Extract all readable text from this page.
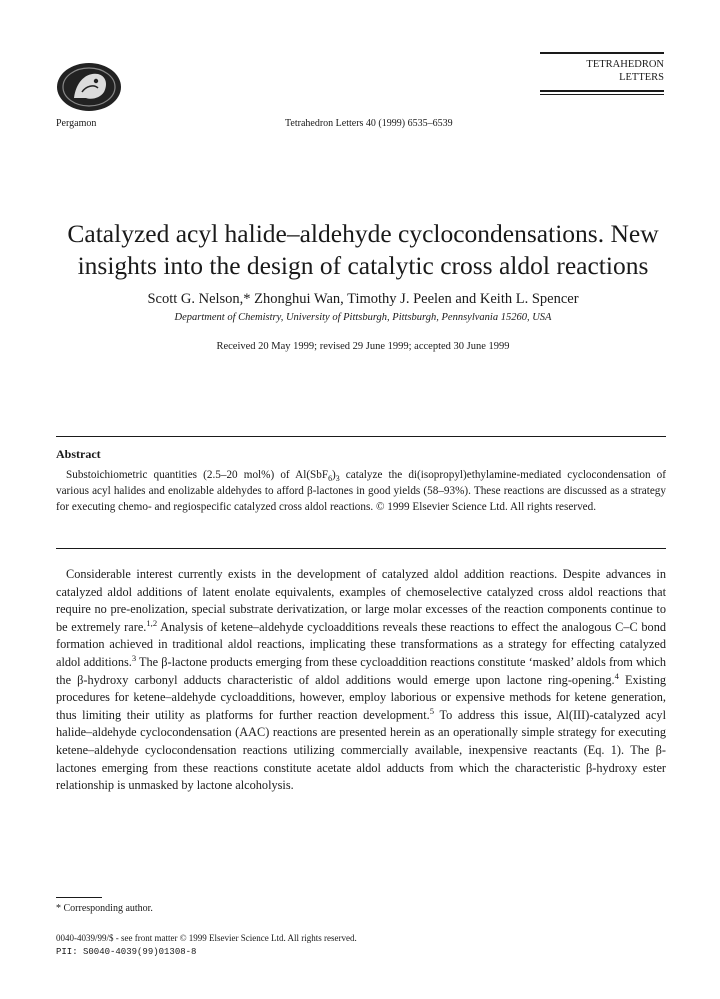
Pergamon	Tetrahedron Letters 40 (1999) 6535–6539
TETRAHEDRON
LETTERS
Catalyzed acyl halide–aldehyde cyclocondensations. New
insights into the design of catalytic cross aldol reactions
Scott G. Nelson,* Zhonghui Wan, Timothy J. Peelen and Keith L. Spencer
Department of Chemistry, University of Pittsburgh, Pittsburgh, Pennsylvania 15260, USA
Received 20 May 1999; revised 29 June 1999; accepted 30 June 1999
Abstract
Substoichiometric quantities (2.5–20 mol%) of $Al(SbF_6)_3$ catalyze the di(isopropyl)ethylamine-mediated cyclocondensation of various acyl halides and enolizable aldehydes to afford β-lactones in good yields (58–93%). These reactions are discussed as a strategy for executing chemo- and regiospecific catalyzed cross aldol reactions. © 1999 Elsevier Science Ltd. All rights reserved.
Considerable interest currently exists in the development of catalyzed aldol addition reactions. Despite advances in catalyzed aldol additions of latent enolate equivalents, examples of chemoselective catalyzed cross aldol reactions that require no pre-enolization, special substrate derivatization, or large molar excesses of the reaction components continue to be extremely rare.$^{1,2}$ Analysis of ketene–aldehyde cycloadditions reveals these reactions to effect the analogous C–C bond formation achieved in traditional aldol reactions, implicating these transformations as a strategy for effecting catalyzed aldol additions.$^3$ The β-lactone products emerging from these cycloaddition reactions constitute ‘masked’ aldols from which the β-hydroxy carbonyl adducts characteristic of aldol additions would emerge upon lactone ring-opening.$^4$ Existing procedures for ketene–aldehyde cycloadditions, however, employ laborious or expensive methods for ketene generation, thus limiting their utility as platforms for further reaction development.$^5$ To address this issue, Al(III)-catalyzed acyl halide–aldehyde cyclocondensation (AAC) reactions are presented herein as an operationally simple strategy for executing ketene–aldehyde cyclocondensation reactions utilizing commercially available, inexpensive reactants (Eq. 1). The β-lactones emerging from these reactions constitute acetate aldol adducts from which the characteristic β-hydroxy ester relationship is unmasked by lactone alcoholysis.
* Corresponding author.
0040-4039/99/$ - see front matter © 1999 Elsevier Science Ltd. All rights reserved.
PII: S0040-4039(99)01308-8
